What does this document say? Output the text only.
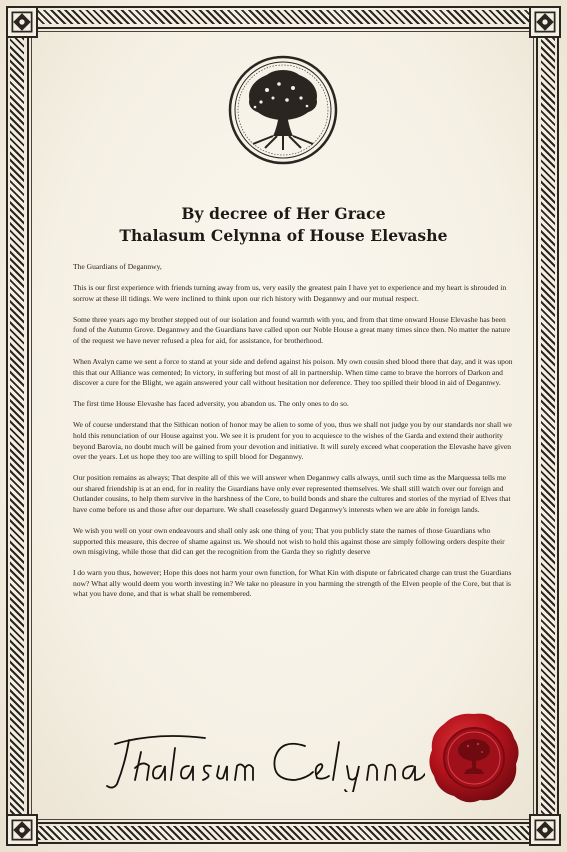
By decree of Her Grace
Thalasum Celynna of House Elevashe

The Guardians of Degannwy,

This is our first experience with friends turning away from us, very easily the greatest pain I have yet to experience and my heart is shrouded in sorrow at these ill tidings. We were inclined to think upon our rich history with Degannwy and our mutual respect.

Some three years ago my brother stepped out of our isolation and found warmth with you, and from that time onward House Elevashe has been fond of the Autumn Grove. Degannwy and the Guardians have called upon our Noble House a great many times since then. No matter the nature of the request we have never refused a plea for aid, for assistance, for brotherhood.

When Avalyn came we sent a force to stand at your side and defend against his poison. My own cousin shed blood there that day, and it was upon this that our Alliance was cemented; In victory, in suffering but most of all in partnership. When time came to brave the horrors of Darkon and discover a cure for the Blight, we again answered your call without hesitation nor deference. They too spilled their blood in aid of Degannwy.

The first time House Elevashe has faced adversity, you abandon us. The only ones to do so.

We of course understand that the Sithican notion of honor may be alien to some of you, thus we shall not judge you by our standards nor shall we hold this renunciation of our House against you. We see it is prudent for you to acquiesce to the wishes of the Garda and extend their authority beyond Barovia, no doubt much will be gained from your devotion and initiative. It will surely exceed what cooperation the Elevashe have given over the years. Let us hope they too are willing to spill blood for Degannwy.

Our position remains as always; That despite all of this we will answer when Degannwy calls always, until such time as the Marquessa tells me our shared friendship is at an end, for in reality the Guardians have only ever represented themselves. We shall still watch over our foreign and Outlander cousins, to help them survive in the harshness of the Core, to build bonds and share the cultures and stories of the myriad of Elves that have come before us and those after our departure. We shall ceaselessly guard Degannwy's interests when we are able in foreign lands.

We wish you well on your own endeavours and shall only ask one thing of you; That you publicly state the names of those Guardians who supported this measure, this decree of shame against us. We should not wish to hold this against those are simply following orders despite their own misgiving, while those that did can get the recognition from the Garda they so rightly deserve

I do warn you thus, however; Hope this does not harm your own function, for What Kin with dispute or fabricated charge can trust the Guardians now? What ally would deem you worth investing in? We take no pleasure in you harming the strength of the Elven people of the Core, but that is what you have done, and that is what shall be remembered.
